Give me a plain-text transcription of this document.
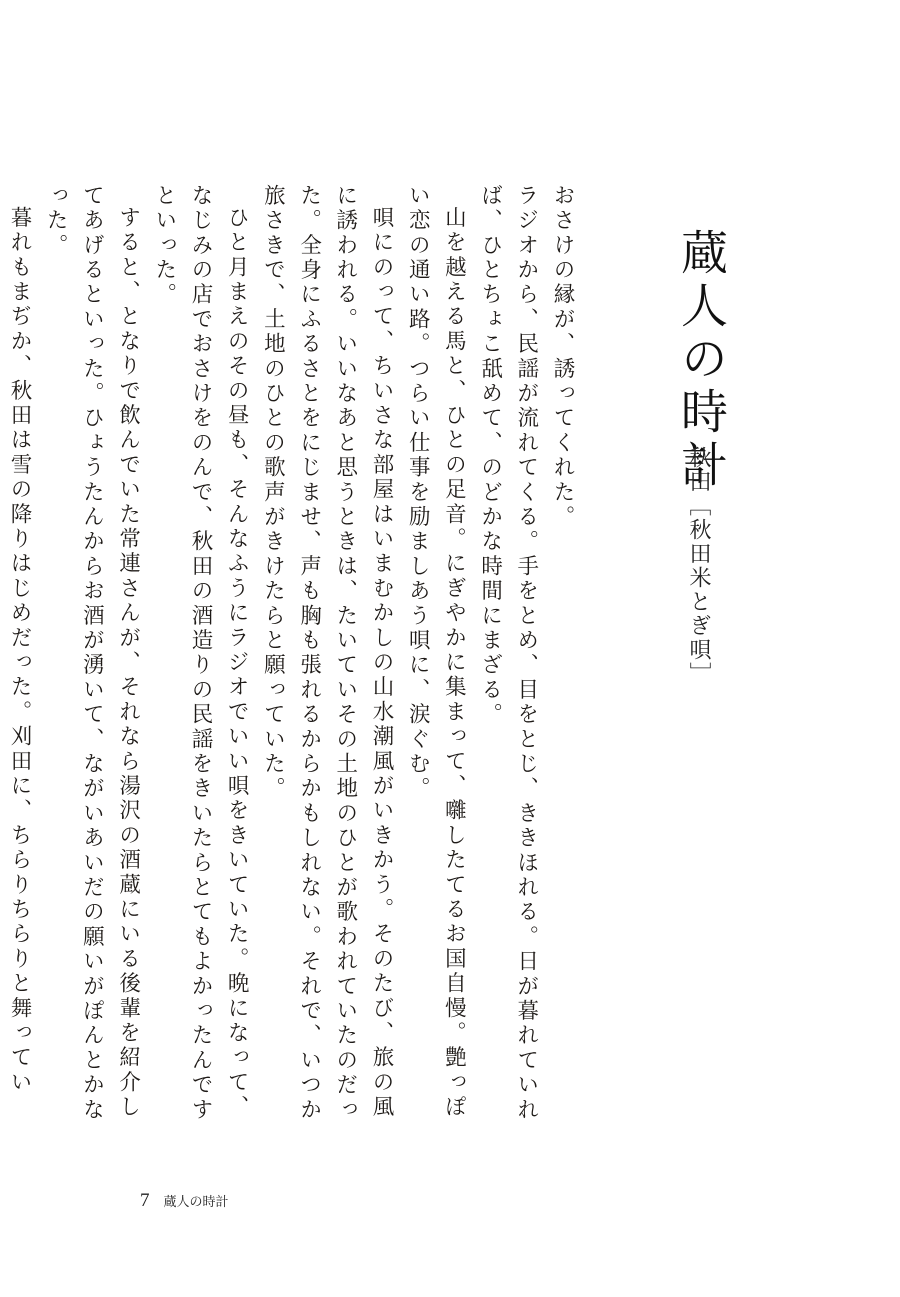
蔵人の時計
秋田［秋田米とぎ唄］

おさけの縁が、誘ってくれた。

ラジオから、民謡が流れてくる。手をとめ、目をとじ、ききほれる。日が暮れていれば、ひとちょこ舐めて、のどかな時間にまざる。

山を越える馬と、ひとの足音。にぎやかに集まって、囃したてるお国自慢。艶っぽい恋の通い路。つらい仕事を励ましあう唄に、涙ぐむ。

唄にのって、ちいさな部屋はいまむかしの山水潮風がいきかう。そのたび、旅の風に誘われる。いいなあと思うときは、たいていその土地のひとが歌われていたのだった。全身にふるさとをにじませ、声も胸も張れるからかもしれない。それで、いつか旅さきで、土地のひとの歌声がきけたらと願っていた。

ひと月まえのその昼も、そんなふうにラジオでいい唄をきいていた。晩になって、なじみの店でおさけをのんで、秋田の酒造りの民謡をきいたらとてもよかったんですといった。

すると、となりで飲んでいた常連さんが、それなら湯沢の酒蔵にいる後輩を紹介してあげるといった。ひょうたんからお酒が湧いて、ながいあいだの願いがぽんとかなった。

暮れもまぢか、秋田は雪の降りはじめだった。刈田に、ちらりちらりと舞ってい

7 蔵人の時計
